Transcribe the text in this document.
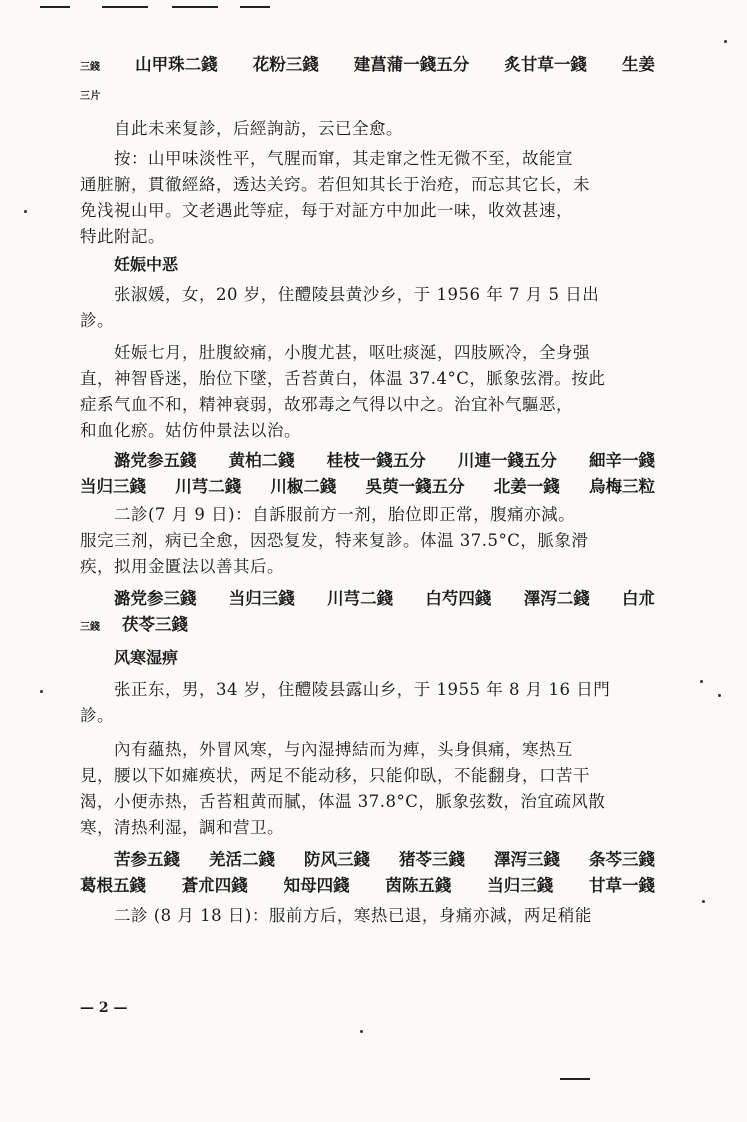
三錢 山甲珠二錢 花粉三錢 建菖蒲一錢五分 炙甘草一錢 生姜
三片
自此未来复診，后經詢訪，云已全愈。
按：山甲味淡性平，气腥而窜，其走窜之性无微不至，故能宣
通脏腑，貫徹經絡，透达关窍。若但知其长于治疮，而忘其它长，未
免浅視山甲。文老遇此等症，每于对証方中加此一味，收效甚速，
特此附記。
妊娠中恶
张淑媛，女，20 岁，住醴陵县黄沙乡，于 1956 年 7 月 5 日出
診。
妊娠七月，肚腹絞痛，小腹尤甚，呕吐痰涎，四肢厥冷，全身强
直，神智昏迷，胎位下墜，舌苔黄白，体温 37.4°C，脈象弦滑。按此
症系气血不和，精神衰弱，故邪毒之气得以中之。治宜补气驅恶，
和血化瘀。姑仿仲景法以治。
潞党参五錢 黄柏二錢 桂枝一錢五分 川連一錢五分 細辛一錢
当归三錢 川芎二錢 川椒二錢 吳萸一錢五分 北姜一錢 烏梅三粒
二診(7 月 9 日)：自訴服前方一剂，胎位即正常，腹痛亦減。
服完三剂，病已全愈，因恐复发，特来复診。体温 37.5°C，脈象滑
疾，拟用金匱法以善其后。
潞党参三錢 当归三錢 川芎二錢 白芍四錢 澤泻二錢 白朮
三錢 茯苓三錢
风寒湿痹
张正东，男，34 岁，住醴陵县露山乡，于 1955 年 8 月 16 日門
診。
內有蘊热，外冒风寒，与內湿搏結而为痺，头身俱痛，寒热互
見，腰以下如瘫痪状，两足不能动移，只能仰臥，不能翻身，口苦干
渴，小便赤热，舌苔粗黄而膩，体温 37.8°C，脈象弦数，治宜疏风散
寒，清热利湿，調和营卫。
苦参五錢 羌活二錢 防风三錢 猪苓三錢 澤泻三錢 条芩三錢
葛根五錢 蒼朮四錢 知母四錢 茵陈五錢 当归三錢 甘草一錢
二診 (8 月 18 日)：服前方后，寒热已退，身痛亦減，两足稍能
— 2 —
